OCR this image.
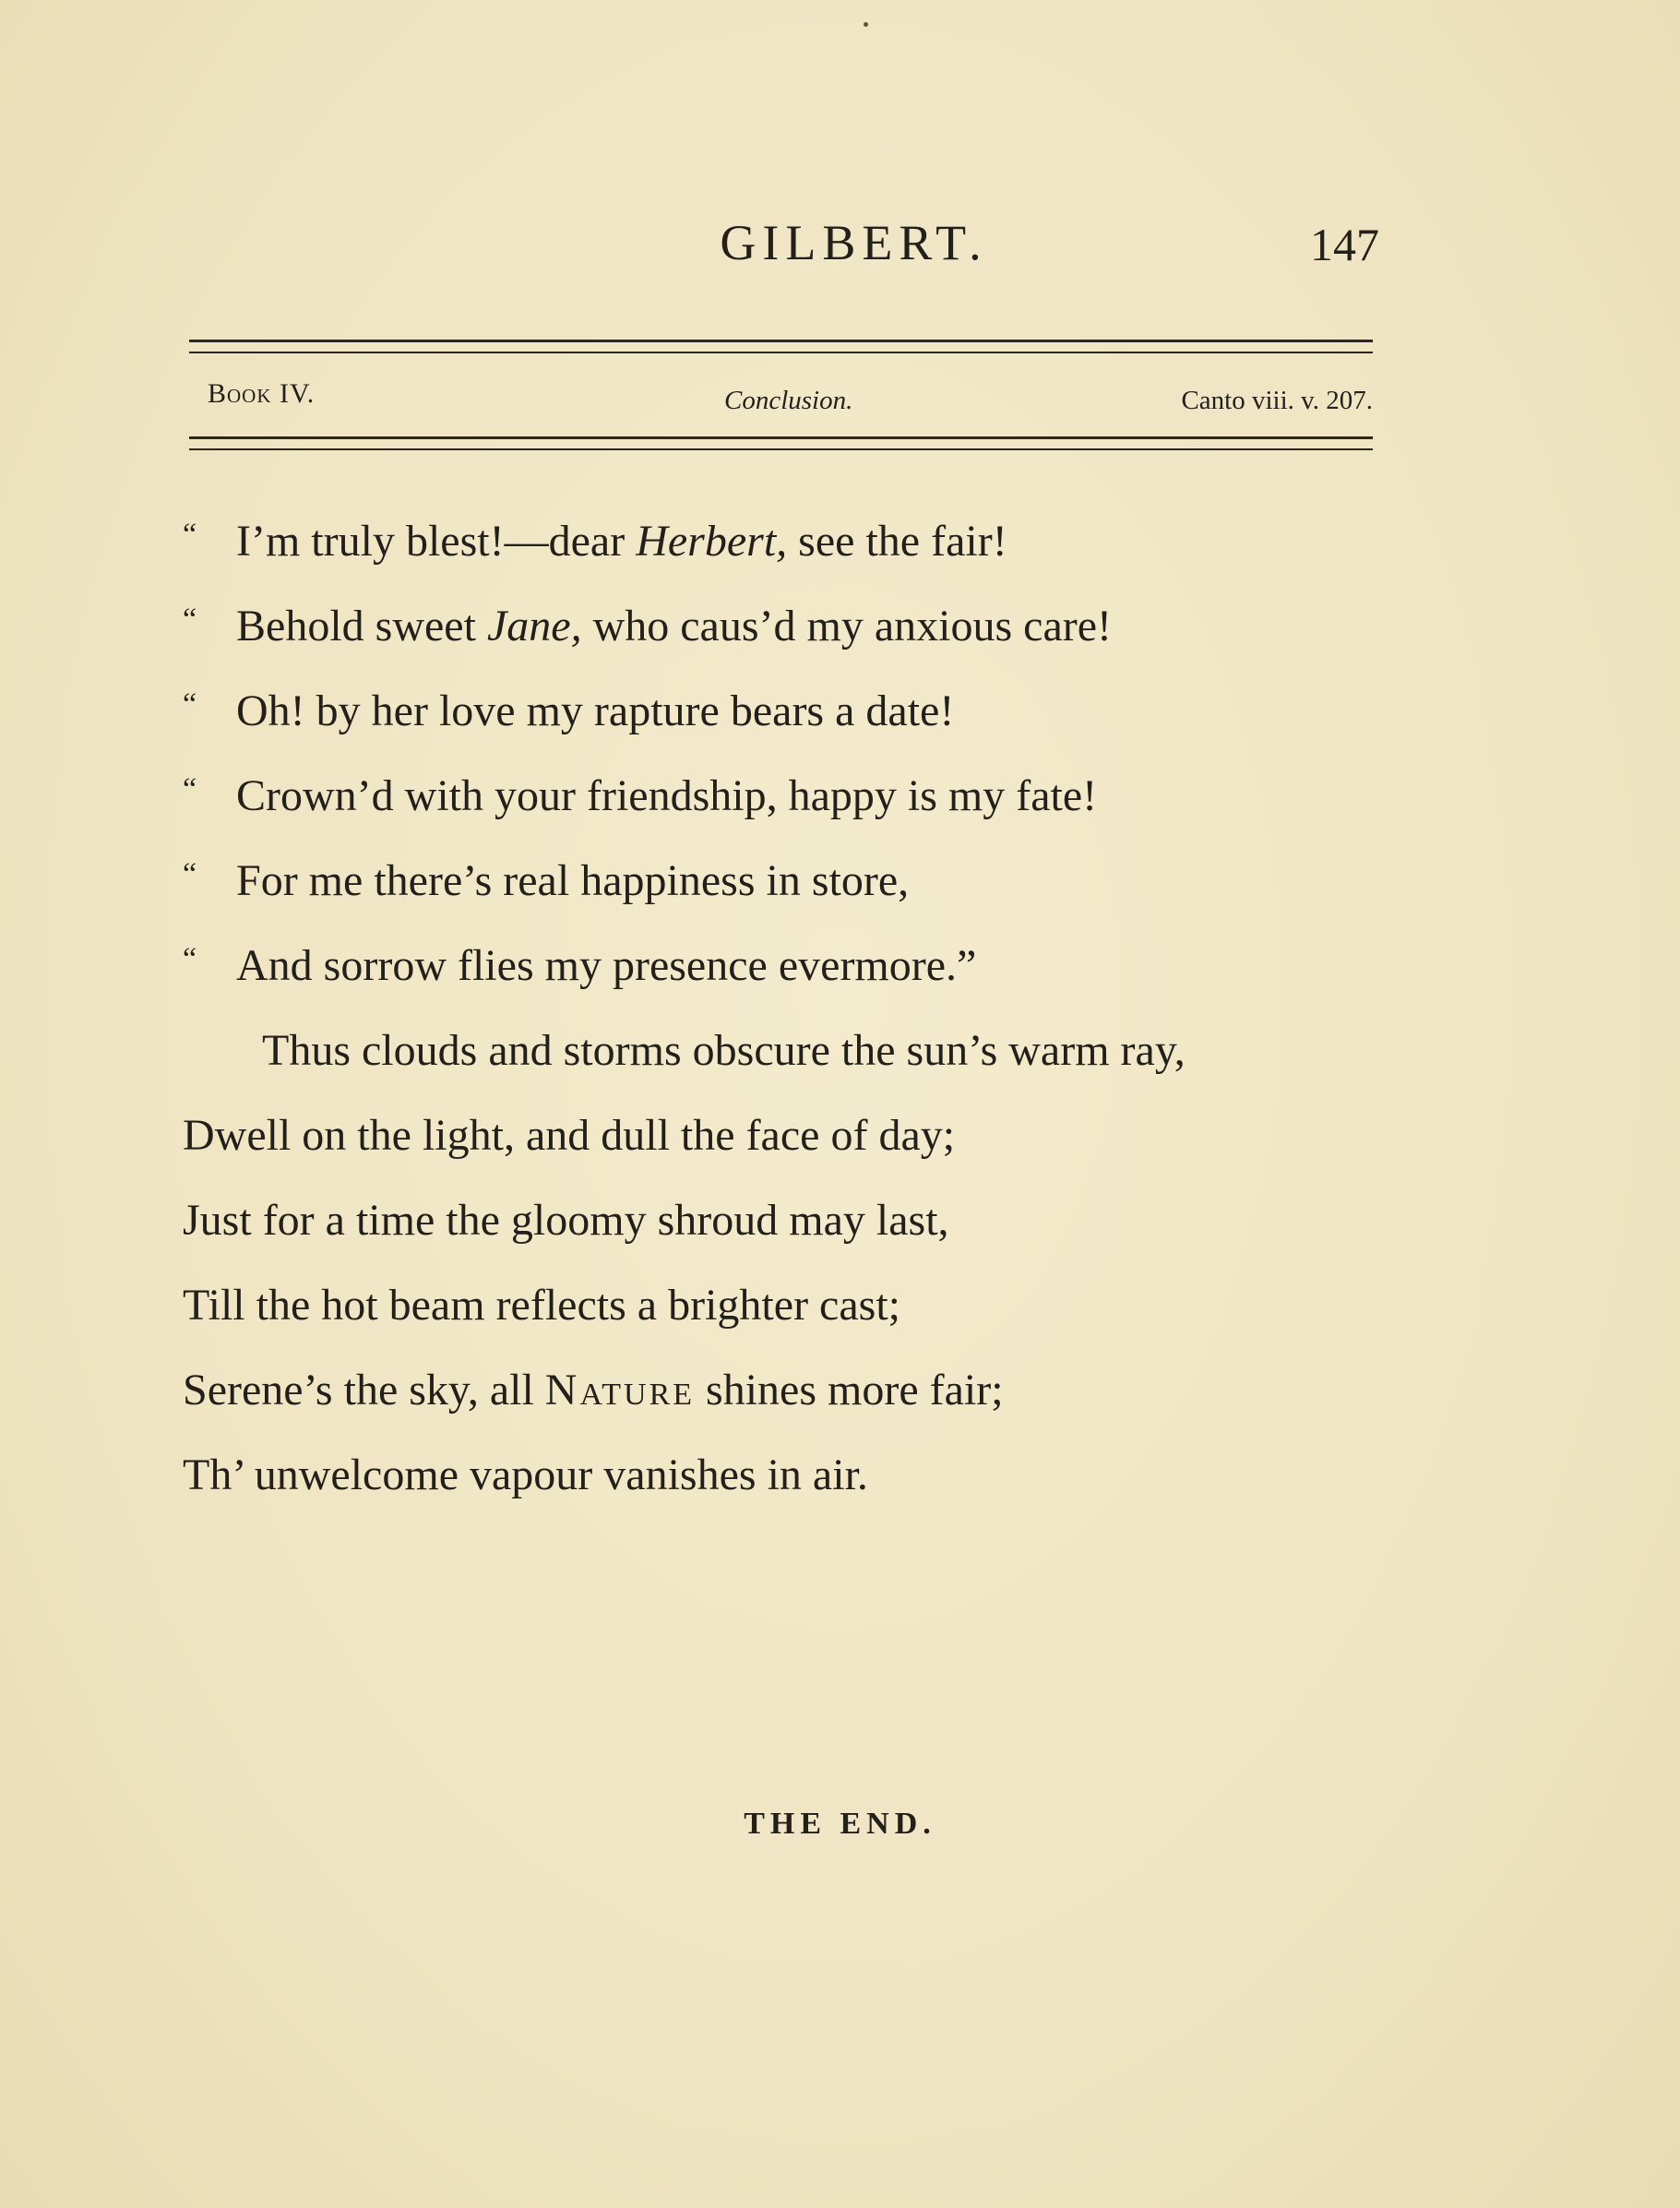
GILBERT.	147
Book IV.	Conclusion.	Canto viii. v. 207.
“ I’m truly blest!—dear Herbert, see the fair!
“ Behold sweet Jane, who caus’d my anxious care!
“ Oh! by her love my rapture bears a date!
“ Crown’d with your friendship, happy is my fate!
“ For me there’s real happiness in store,
“ And sorrow flies my presence evermore.”
Thus clouds and storms obscure the sun’s warm ray,
Dwell on the light, and dull the face of day;
Just for a time the gloomy shroud may last,
Till the hot beam reflects a brighter cast;
Serene’s the sky, all Nature shines more fair;
Th’ unwelcome vapour vanishes in air.
THE END.
